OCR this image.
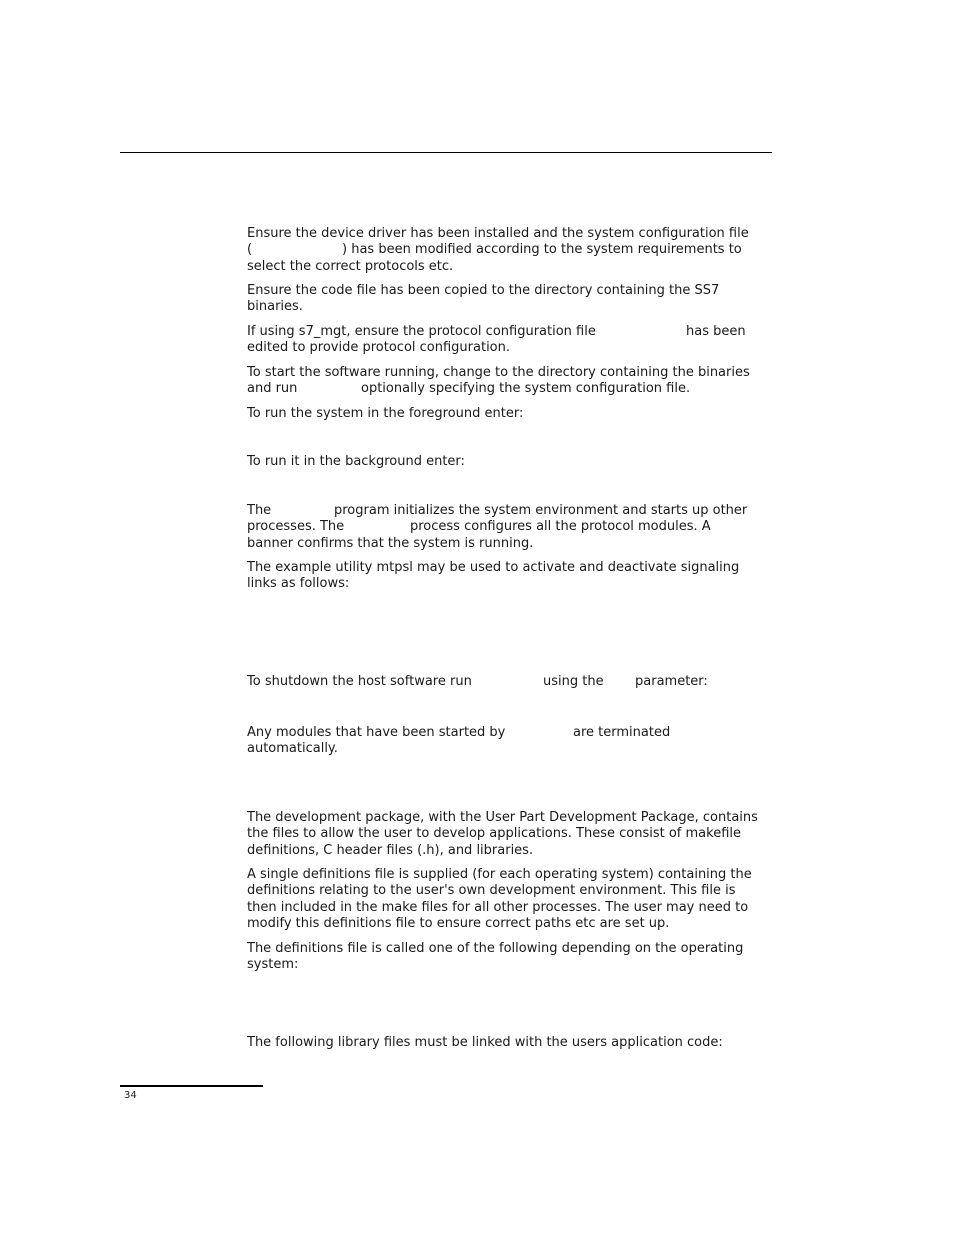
Ensure the device driver has been installed and the system configuration file
(	) has been modified according to the system requirements to
select the correct protocols etc.
Ensure the code file has been copied to the directory containing the SS7
binaries.
If using s7_mgt, ensure the protocol configuration file	has been
edited to provide protocol configuration.
To start the software running, change to the directory containing the binaries
and run	optionally specifying the system configuration file.
To run the system in the foreground enter:
To run it in the background enter:
The	program initializes the system environment and starts up other
processes. The	process configures all the protocol modules. A
banner confirms that the system is running.
The example utility mtpsl may be used to activate and deactivate signaling
links as follows:
To shutdown the host software run	using the parameter:
Any modules that have been started by	are terminated
automatically.
The development package, with the User Part Development Package, contains
the files to allow the user to develop applications. These consist of makefile
definitions, C header files (.h), and libraries.
A single definitions file is supplied (for each operating system) containing the
definitions relating to the user's own development environment. This file is
then included in the make files for all other processes. The user may need to
modify this definitions file to ensure correct paths etc are set up.
The definitions file is called one of the following depending on the operating
system:
The following library files must be linked with the users application code:
34
